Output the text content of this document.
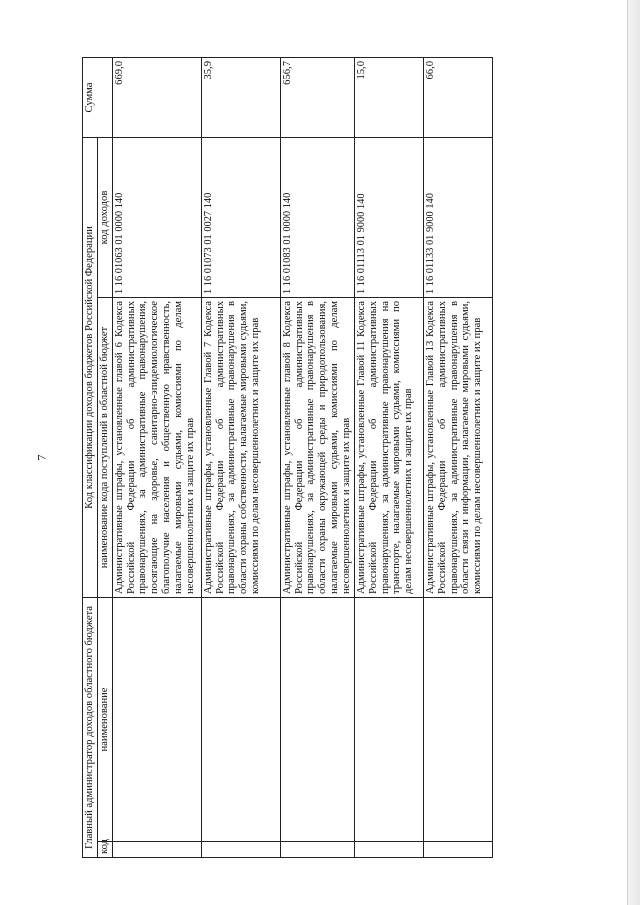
7
Главный администратор доходов областного бюджета		Код классификации доходов бюджетов Российской Федерации		Сумма
код	наименование	наименование кода поступлений в областной бюджет	код доходов	
		Административные штрафы, установленные главой 6 Кодекса Российской Федерации об административных правонарушениях, за административные правонарушения, посягающие на здоровье, санитарно-эпидемиологическое благополучие населения и общественную нравственность, налагаемые мировыми судьями, комиссиями по делам несовершеннолетних и защите их прав	1 16 01063 01 0000 140	669,0
		Административные штрафы, установленные Главой 7 Кодекса Российской Федерации об административных правонарушениях, за административные правонарушения в области охраны собственности, налагаемые мировыми судьями, комиссиями по делам несовершеннолетних и защите их прав	1 16 01073 01 0027 140	35,9
		Административные штрафы, установленные главой 8 Кодекса Российской Федерации об административных правонарушениях, за административные правонарушения в области охраны окружающей среды и природопользования, налагаемые мировыми судьями, комиссиями по делам несовершеннолетних и защите их прав	1 16 01083 01 0000 140	656,7
		Административные штрафы, установленные Главой 11 Кодекса Российской Федерации об административных правонарушениях, за административные правонарушения на транспорте, налагаемые мировыми судьями, комиссиями по делам несовершеннолетних и защите их прав	1 16 01113 01 9000 140	15,0
		Административные штрафы, установленные Главой 13 Кодекса Российской Федерации об административных правонарушениях, за административные правонарушения в области связи и информации, налагаемые мировыми судьями, комиссиями по делам несовершеннолетних и защите их прав	1 16 01133 01 9000 140	66,0
